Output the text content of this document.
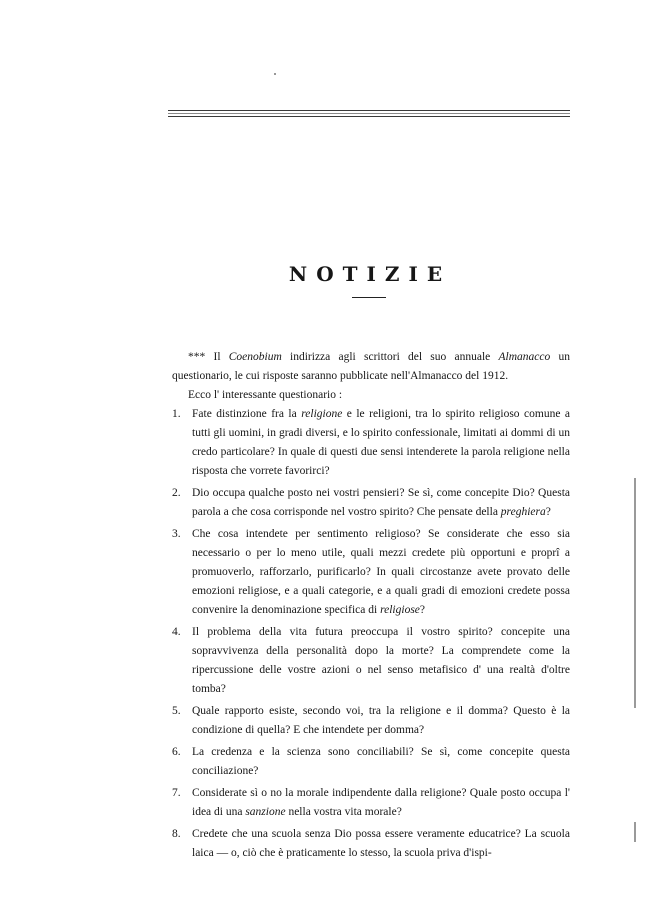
NOTIZIE

*** Il Coenobium indirizza agli scrittori del suo annuale Almanacco un questionario, le cui risposte saranno pubblicate nell'Almanacco del 1912.

Ecco l' interessante questionario :

1. Fate distinzione fra la religione e le religioni, tra lo spirito religioso comune a tutti gli uomini, in gradi diversi, e lo spirito confessionale, limitati ai dommi di un credo particolare? In quale di questi due sensi intenderete la parola religione nella risposta che vorrete favorirci?
2. Dio occupa qualche posto nei vostri pensieri? Se sì, come concepite Dio? Questa parola a che cosa corrisponde nel vostro spirito? Che pensate della preghiera?
3. Che cosa intendete per sentimento religioso? Se considerate che esso sia necessario o per lo meno utile, quali mezzi credete più opportuni e proprî a promuoverlo, rafforzarlo, purificarlo? In quali circostanze avete provato delle emozioni religiose, e a quali categorie, e a quali gradi di emozioni credete possa convenire la denominazione specifica di religiose?
4. Il problema della vita futura preoccupa il vostro spirito? concepite una sopravvivenza della personalità dopo la morte? La comprendete come la ripercussione delle vostre azioni o nel senso metafisico d' una realtà d'oltre tomba?
5. Quale rapporto esiste, secondo voi, tra la religione e il domma? Questo è la condizione di quella? E che intendete per domma?
6. La credenza e la scienza sono conciliabili? Se sì, come concepite questa conciliazione?
7. Considerate sì o no la morale indipendente dalla religione? Quale posto occupa l' idea di una sanzione nella vostra vita morale?
8. Credete che una scuola senza Dio possa essere veramente educatrice? La scuola laica — o, ciò che è praticamente lo stesso, la scuola priva d'ispi-
